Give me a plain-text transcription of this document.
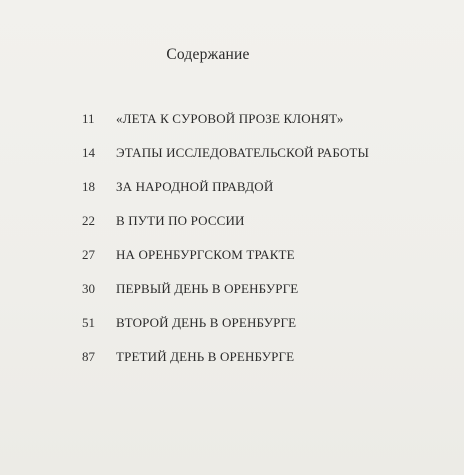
Содержание
11	«ЛЕТА К СУРОВОЙ ПРОЗЕ КЛОНЯТ»
14	ЭТАПЫ ИССЛЕДОВАТЕЛЬСКОЙ РАБОТЫ
18	ЗА НАРОДНОЙ ПРАВДОЙ
22	В ПУТИ ПО РОССИИ
27	НА ОРЕНБУРГСКОМ ТРАКТЕ
30	ПЕРВЫЙ ДЕНЬ В ОРЕНБУРГЕ
51	ВТОРОЙ ДЕНЬ В ОРЕНБУРГЕ
87	ТРЕТИЙ ДЕНЬ В ОРЕНБУРГЕ
